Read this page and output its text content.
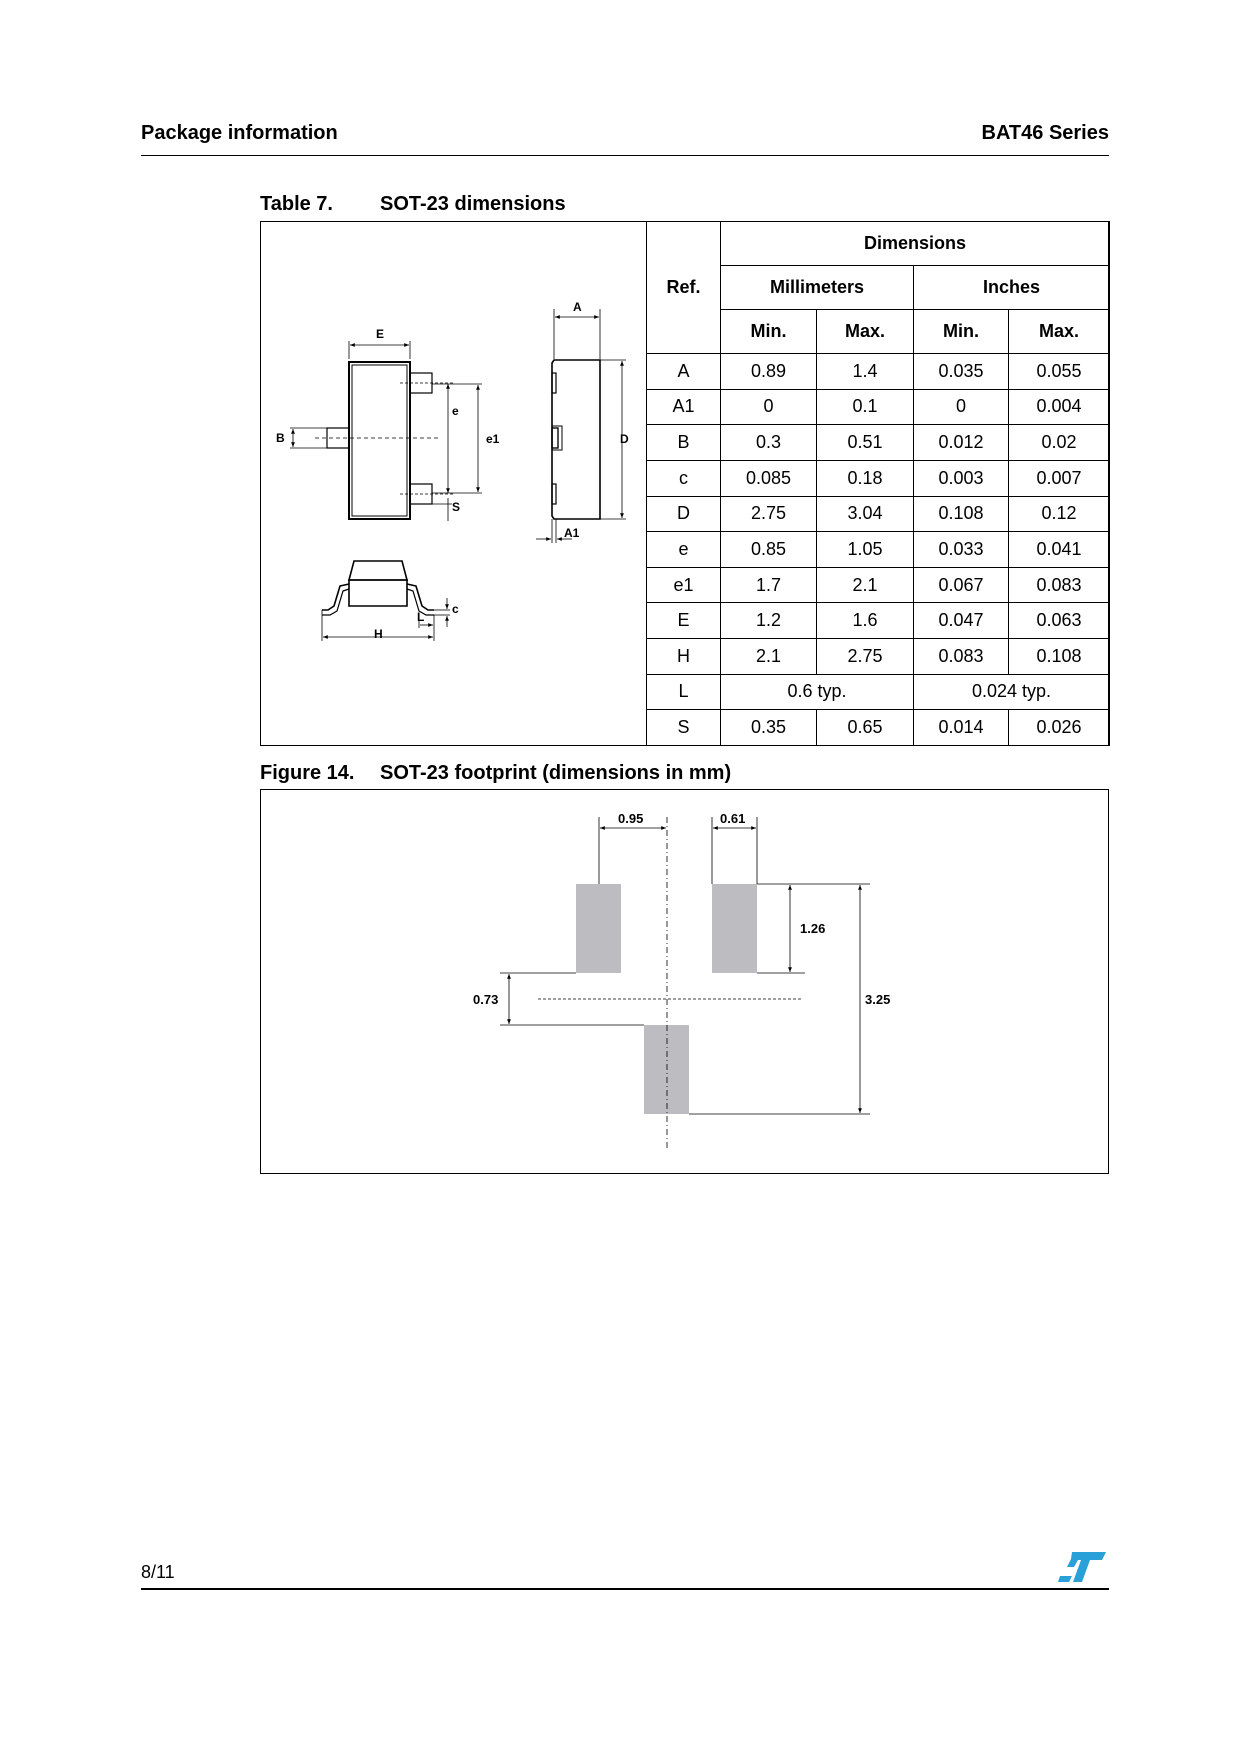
Package information	BAT46 Series
Table 7. SOT-23 dimensions
E
e
B	e1
S
A
D
A1
c
L
H
Ref.	Dimensions			
	Millimeters		Inches	
	Min.	Max.	Min.	Max.
A	0.89	1.4	0.035	0.055
A1	0	0.1	0	0.004
B	0.3	0.51	0.012	0.02
c	0.085	0.18	0.003	0.007
D	2.75	3.04	0.108	0.12
e	0.85	1.05	0.033	0.041
e1	1.7	2.1	0.067	0.083
E	1.2	1.6	0.047	0.063
H	2.1	2.75	0.083	0.108
L	0.6 typ.		0.024 typ.	
S	0.35	0.65	0.014	0.026
Figure 14. SOT-23 footprint (dimensions in mm)
0.95	0.61
1.26
0.73	3.25
8/11
